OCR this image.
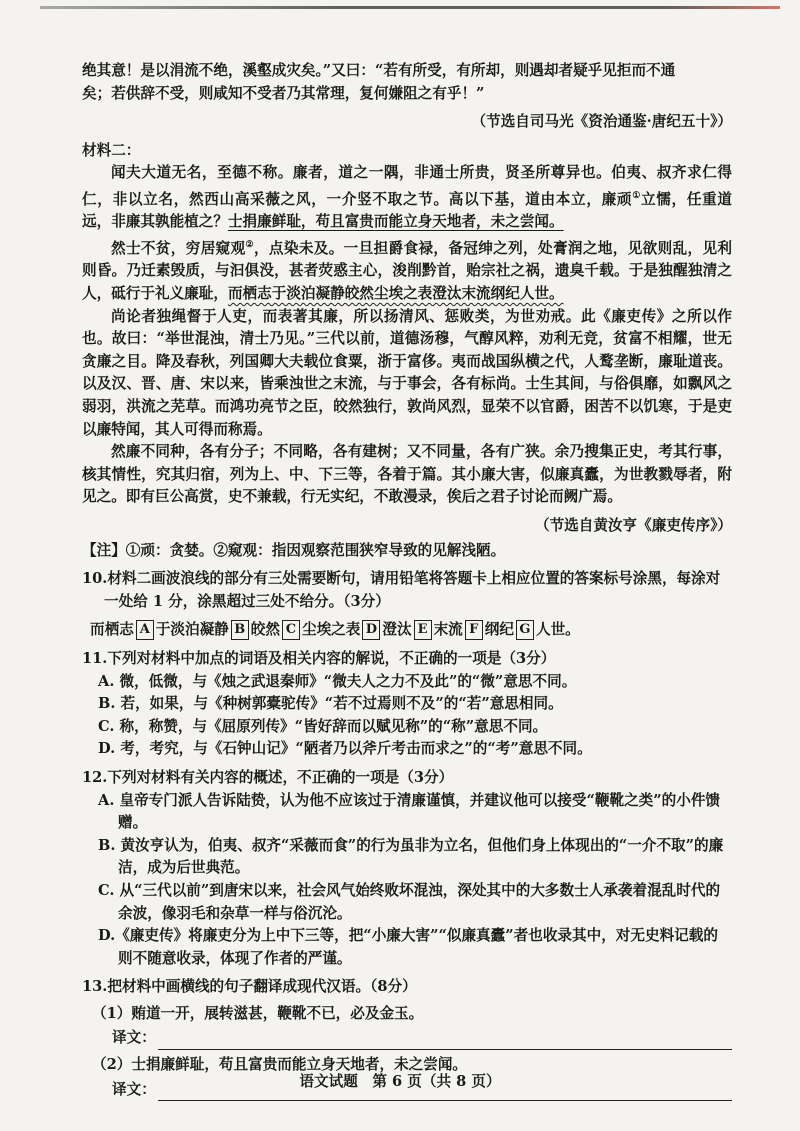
绝其意！是以涓流不绝，溪壑成灾矣。”又曰：“若有所受，有所却，则遇却者疑乎见拒而不通

矣；若供辞不受，则咸知不受者乃其常理，复何嫌阻之有乎！”

（节选自司马光《资治通鉴·唐纪五十》）

材料二：

闻夫大道无名，至德不称。廉者，道之一隅，非通士所贵，贤圣所尊异也。伯夷、叔齐求仁得仁，非以立名，然西山高采薇之风，一介竖不取之节。高以下基，道由本立，廉顽①立懦，任重道远，非廉其孰能植之？士捐廉鲜耻，苟且富贵而能立身天地者，未之尝闻。

然士不贫，穷居窥观②，点染未及。一旦担爵食禄，备冠绅之列，处膏润之地，见欲则乱，见利则昏。乃迁素毁质，与汩俱没，甚者荧惑主心，浚削黔首，贻宗社之祸，遗臭千载。于是独醒独清之人，砥行于礼义廉耻，而栖志于淡泊凝静皎然尘埃之表澄汰末流纲纪人世。

尚论者独绳督于人吏，而表著其廉，所以扬清风、惩败类，为世劝戒。此《廉吏传》之所以作也。故曰：“举世混浊，清士乃见。”三代以前，道德汤穆，气醇风粹，劝利无竞，贫富不相耀，世无贪廉之目。降及春秋，列国卿大夫载位食粟，浙于富侈。夷而战国纵横之代，人鹜垄断，廉耻道丧。以及汉、晋、唐、宋以来，皆乘浊世之末流，与于事会，各有标尚。士生其间，与俗俱靡，如飘风之弱羽，洪流之芜草。而鸿功亮节之臣，皎然独行，敦尚风烈，显荣不以官爵，困苦不以饥寒，于是吏以廉特闻，其人可得而称焉。

然廉不同种，各有分子；不同略，各有建树；又不同量，各有广狭。余乃搜集正史，考其行事，核其情性，究其归宿，列为上、中、下三等，各着于篇。其小廉大害，似廉真蠹，为世教戮辱者，附见之。即有巨公高赏，史不兼载，行无实纪，不敢漫录，俟后之君子讨论而阙广焉。

（节选自黄汝亨《廉吏传序》）

【注】①顽：贪婪。②窥观：指因观察范围狭窄导致的见解浅陋。

10.材料二画波浪线的部分有三处需要断句，请用铅笔将答题卡上相应位置的答案标号涂黑，每涂对一处给 1 分，涂黑超过三处不给分。（3分）

而栖志 A 于淡泊凝静 B 皎然 C 尘埃之表 D 澄汰 E 末流 F 纲纪 G 人世。

11.下列对材料中加点的词语及相关内容的解说，不正确的一项是（3分）

A. 微，低微，与《烛之武退秦师》“微夫人之力不及此”的“微”意思不同。

B. 若，如果，与《种树郭橐驼传》“若不过焉则不及”的“若”意思相同。

C. 称，称赞，与《屈原列传》“皆好辞而以赋见称”的“称”意思不同。

D. 考，考究，与《石钟山记》“陋者乃以斧斤考击而求之”的“考”意思不同。

12.下列对材料有关内容的概述，不正确的一项是（3分）

A. 皇帝专门派人告诉陆贽，认为他不应该过于清廉谨慎，并建议他可以接受“鞭靴之类”的小件馈赠。

B. 黄汝亨认为，伯夷、叔齐“采薇而食”的行为虽非为立名，但他们身上体现出的“一介不取”的廉洁，成为后世典范。

C. 从“三代以前”到唐宋以来，社会风气始终败坏混浊，深处其中的大多数士人承袭着混乱时代的余波，像羽毛和杂草一样与俗沉沦。

D.《廉吏传》将廉吏分为上中下三等，把“小廉大害”“似廉真蠹”者也收录其中，对无史料记载的则不随意收录，体现了作者的严谨。

13.把材料中画横线的句子翻译成现代汉语。（8分）

（1）贿道一开，展转滋甚，鞭靴不已，必及金玉。

译文：

（2）士捐廉鲜耻，苟且富贵而能立身天地者，未之尝闻。

译文：	语文试题　第 6 页（共 8 页）
